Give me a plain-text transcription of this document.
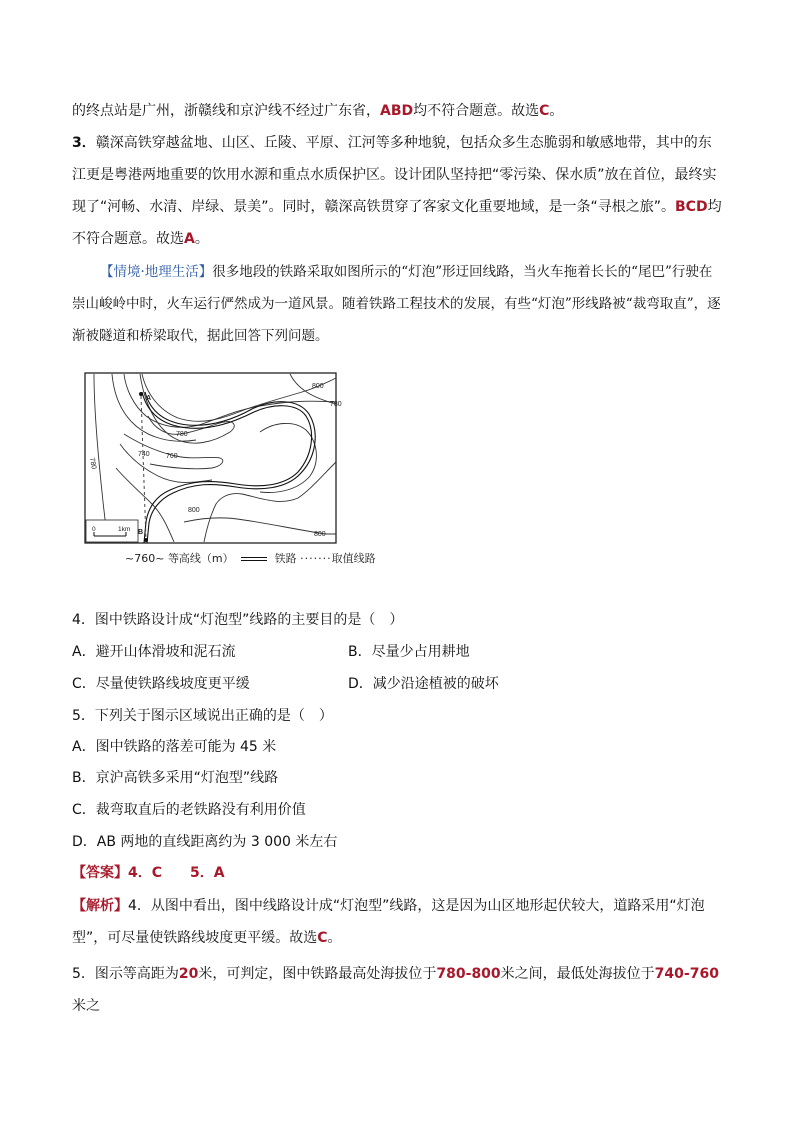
的终点站是广州，浙赣线和京沪线不经过广东省，ABD均不符合题意。故选C。

3．赣深高铁穿越盆地、山区、丘陵、平原、江河等多种地貌，包括众多生态脆弱和敏感地带，其中的东江更是粤港两地重要的饮用水源和重点水质保护区。设计团队坚持把“零污染、保水质”放在首位，最终实现了“河畅、水清、岸绿、景美”。同时，赣深高铁贯穿了客家文化重要地域，是一条“寻根之旅”。BCD均不符合题意。故选A。

【情境·地理生活】很多地段的铁路采取如图所示的“灯泡”形迂回线路，当火车拖着长长的“尾巴”行驶在崇山峻岭中时，火车运行俨然成为一道风景。随着铁路工程技术的发展，有些“灯泡”形线路被“裁弯取直”，逐渐被隧道和桥梁取代，据此回答下列问题。

800
780
780
760
740
780
800
800
A
B
0	1km
~760~ 等高线（m）	铁路 ·······取值线路
4．图中铁路设计成“灯泡型”线路的主要目的是（　）
A．避开山体滑坡和泥石流	B．尽量少占用耕地
C．尽量使铁路线坡度更平缓	D．减少沿途植被的破坏
5．下列关于图示区域说出正确的是（　）
A．图中铁路的落差可能为 45 米
B．京沪高铁多采用“灯泡型”线路
C．裁弯取直后的老铁路没有利用价值
D．AB 两地的直线距离约为 3 000 米左右
【答案】4．C　　5．A

【解析】4．从图中看出，图中线路设计成“灯泡型”线路，这是因为山区地形起伏较大，道路采用“灯泡型”，可尽量使铁路线坡度更平缓。故选C。

5．图示等高距为20米，可判定，图中铁路最高处海拔位于780-800米之间，最低处海拔位于740-760米之
